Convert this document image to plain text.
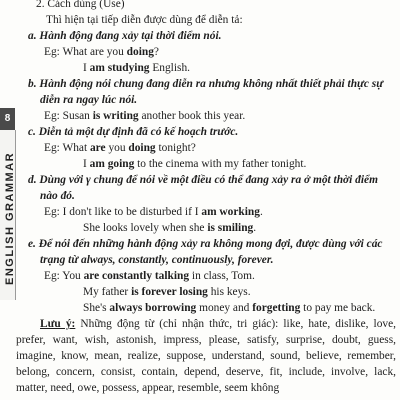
8
ENGLISH GRAMMAR
2. Cách dùng (Use)
Thì hiện tại tiếp diễn được dùng để diễn tả:
a. Hành động đang xảy tại thời điểm nói.
Eg: What are you doing?
I am studying English.
b. Hành động nói chung đang diễn ra nhưng không nhất thiết phải thực sự diễn ra ngay lúc nói.
Eg: Susan is writing another book this year.
c. Diễn tả một dự định đã có kế hoạch trước.
Eg: What are you doing tonight?
I am going to the cinema with my father tonight.
d. Dùng với γ chung để nói về một điều có thể đang xảy ra ở một thời điểm nào đó.
Eg: I don't like to be disturbed if I am working.
She looks lovely when she is smiling.
e. Để nói đến những hành động xảy ra không mong đợi, được dùng với các trạng từ always, constantly, continuously, forever.
Eg: You are constantly talking in class, Tom.
My father is forever losing his keys.
She's always borrowing money and forgetting to pay me back.
Lưu ý: Những động từ (chỉ nhận thức, tri giác): like, hate, dislike, love, prefer, want, wish, astonish, impress, please, satisfy, surprise, doubt, guess, imagine, know, mean, realize, suppose, understand, sound, believe, remember, belong, concern, consist, contain, depend, deserve, fit, include, involve, lack, matter, need, owe, possess, appear, resemble, seem không
